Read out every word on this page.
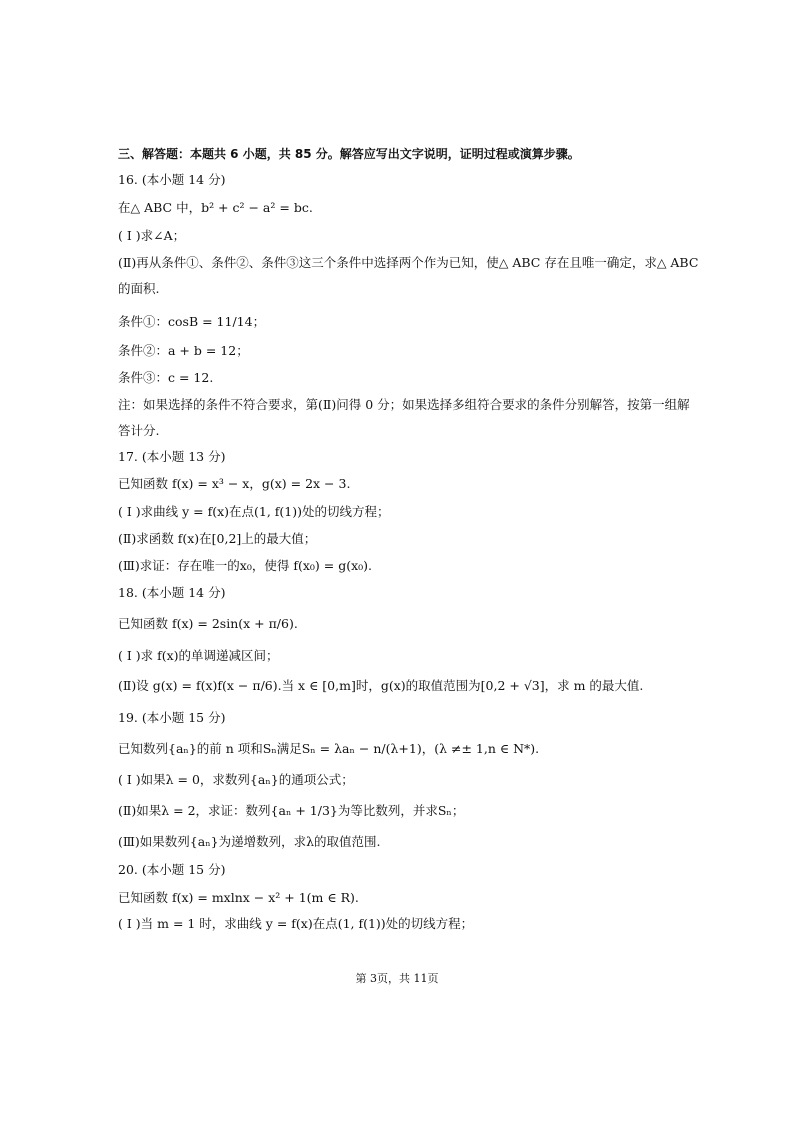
三、解答题：本题共 6 小题，共 85 分。解答应写出文字说明，证明过程或演算步骤。
16. (本小题 14 分)
在△ ABC 中，b² + c² − a² = bc.
( Ⅰ )求∠A；
(Ⅱ)再从条件①、条件②、条件③这三个条件中选择两个作为已知，使△ ABC 存在且唯一确定，求△ ABC
的面积.
条件①：cosB = 11/14；
条件②：a + b = 12；
条件③：c = 12.
注：如果选择的条件不符合要求，第(Ⅱ)问得 0 分；如果选择多组符合要求的条件分别解答，按第一组解
答计分.
17. (本小题 13 分)
已知函数 f(x) = x³ − x，g(x) = 2x − 3.
( Ⅰ )求曲线 y = f(x)在点(1, f(1))处的切线方程；
(Ⅱ)求函数 f(x)在[0,2]上的最大值；
(Ⅲ)求证：存在唯一的x₀，使得 f(x₀) = g(x₀).
18. (本小题 14 分)
已知函数 f(x) = 2sin(x + π/6).
( Ⅰ )求 f(x)的单调递减区间；
(Ⅱ)设 g(x) = f(x)f(x − π/6).当 x ∈ [0,m]时，g(x)的取值范围为[0,2 + √3]，求 m 的最大值.
19. (本小题 15 分)
已知数列{aₙ}的前 n 项和Sₙ满足Sₙ = λaₙ − n/(λ+1)，(λ ≠± 1,n ∈ N*).
( Ⅰ )如果λ = 0，求数列{aₙ}的通项公式；
(Ⅱ)如果λ = 2，求证：数列{aₙ + 1/3}为等比数列，并求Sₙ；
(Ⅲ)如果数列{aₙ}为递增数列，求λ的取值范围.
20. (本小题 15 分)
已知函数 f(x) = mxlnx − x² + 1(m ∈ R).
( Ⅰ )当 m = 1 时，求曲线 y = f(x)在点(1, f(1))处的切线方程；
第 3页，共 11页
